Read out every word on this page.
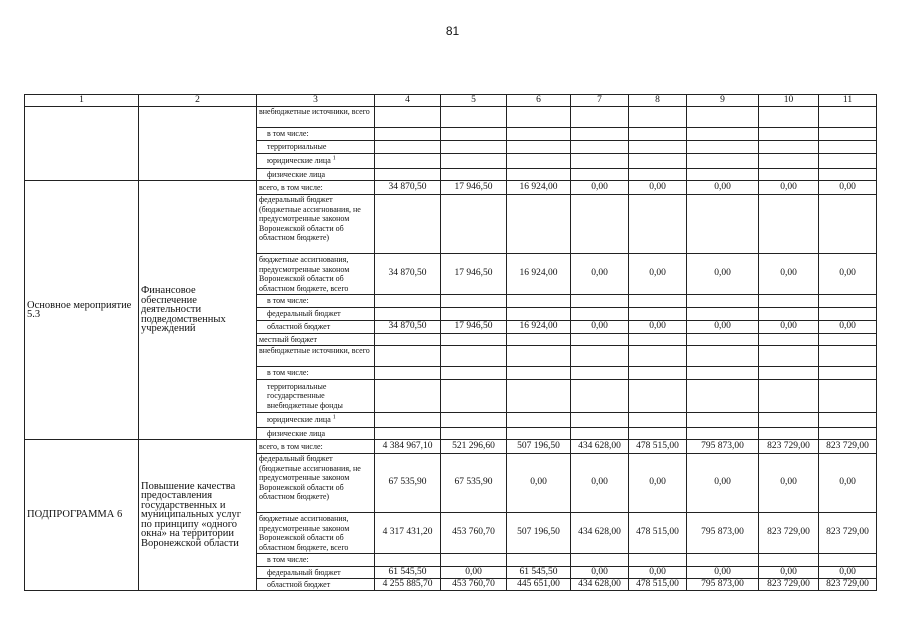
81
1	2	3	4	5	6	7	8	9	10	11
		внебюджетные источники, всего								
		в том числе:								
		территориальные								
		юридические лица $^1$								
		физические лица								

Основное мероприятие 5.3	Финансовое обеспечение деятельности подведомственных учреждений	всего, в том числе:	34 870,50	17 946,50	16 924,00	0,00	0,00	0,00	0,00	0,00
		федеральный бюджет (бюджетные ассигнования, не предусмотренные законом Воронежской области об областном бюджете)								
		бюджетные ассигнования, предусмотренные законом Воронежской области об областном бюджете, всего	34 870,50	17 946,50	16 924,00	0,00	0,00	0,00	0,00	0,00
		в том числе:								
		федеральный бюджет								
		областной бюджет	34 870,50	17 946,50	16 924,00	0,00	0,00	0,00	0,00	0,00
		местный бюджет								
		внебюджетные источники, всего								
		в том числе:								
		территориальные государственные внебюджетные фонды								
		юридические лица $^1$								
		физические лица								
ПОДПРОГРАММА 6	Повышение качества предоставления государственных и муниципальных услуг по принципу «одного окна» на территории Воронежской области	всего, в том числе:	4 384 967,10	521 296,60	507 196,50	434 628,00	478 515,00	795 873,00	823 729,00	823 729,00
		федеральный бюджет (бюджетные ассигнования, не предусмотренные законом Воронежской области об областном бюджете)	67 535,90	67 535,90	0,00	0,00	0,00	0,00	0,00	0,00
		бюджетные ассигнования, предусмотренные законом Воронежской области об областном бюджете, всего	4 317 431,20	453 760,70	507 196,50	434 628,00	478 515,00	795 873,00	823 729,00	823 729,00
		в том числе:								
		федеральный бюджет	61 545,50	0,00	61 545,50	0,00	0,00	0,00	0,00	0,00
		областной бюджет	4 255 885,70	453 760,70	445 651,00	434 628,00	478 515,00	795 873,00	823 729,00	823 729,00
